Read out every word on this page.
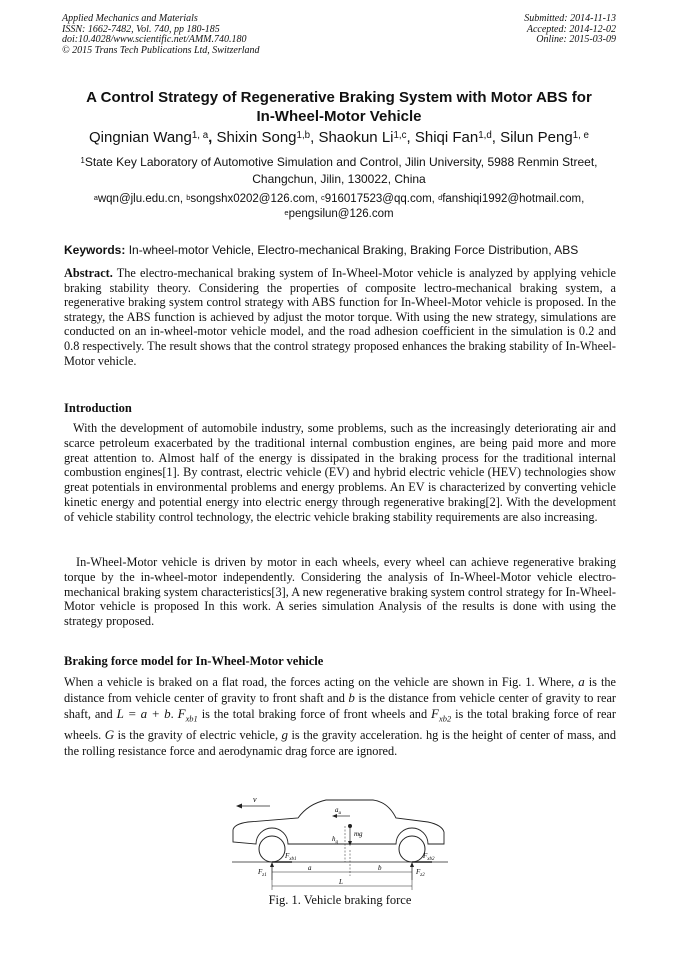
Applied Mechanics and Materials
ISSN: 1662-7482, Vol. 740, pp 180-185
doi:10.4028/www.scientific.net/AMM.740.180
© 2015 Trans Tech Publications Ltd, Switzerland
Submitted: 2014-11-13
Accepted: 2014-12-02
Online: 2015-03-09
A Control Strategy of Regenerative Braking System with Motor ABS for
In-Wheel-Motor Vehicle
Qingnian Wang$^{1, a}$, Shixin Song$^{1,b}$, Shaokun Li$^{1,c}$, Shiqi Fan$^{1,d}$, Silun Peng$^{1, e}$
$^1$State Key Laboratory of Automotive Simulation and Control, Jilin University, 5988 Renmin Street,
Changchun, Jilin, 130022, China
$^a$wqn@jlu.edu.cn, $^b$songshx0202@126.com, $^c$916017523@qq.com, $^d$fanshiqi1992@hotmail.com,
$^e$pengsilun@126.com
Keywords: In-wheel-motor Vehicle, Electro-mechanical Braking, Braking Force Distribution, ABS
Abstract. The electro-mechanical braking system of In-Wheel-Motor vehicle is analyzed by applying vehicle braking stability theory. Considering the properties of composite lectro-mechanical braking system, a regenerative braking system control strategy with ABS function for In-Wheel-Motor vehicle is proposed. In the strategy, the ABS function is achieved by adjust the motor torque. With using the new strategy, simulations are conducted on an in-wheel-motor vehicle model, and the road adhesion coefficient in the simulation is 0.2 and 0.8 respectively. The result shows that the control strategy proposed enhances the braking stability of In-Wheel-Motor vehicle.
Introduction
With the development of automobile industry, some problems, such as the increasingly deteriorating air and scarce petroleum exacerbated by the traditional internal combustion engines, are being paid more and more great attention to. Almost half of the energy is dissipated in the braking process for the traditional internal combustion engines[1]. By contrast, electric vehicle (EV) and hybrid electric vehicle (HEV) technologies show great potentials in environmental problems and energy problems. An EV is characterized by converting vehicle kinetic energy and potential energy into electric energy through regenerative braking[2]. With the development of vehicle stability control technology, the electric vehicle braking stability requirements are also increasing.
In-Wheel-Motor vehicle is driven by motor in each wheels, every wheel can achieve regenerative braking torque by the in-wheel-motor independently. Considering the analysis of In-Wheel-Motor vehicle electro-mechanical braking system characteristics[3], A new regenerative braking system control strategy for In-Wheel-Motor vehicle is proposed In this work. A series simulation Analysis of the results is done with using the strategy proposed.
Braking force model for In-Wheel-Motor vehicle
When a vehicle is braked on a flat road, the forces acting on the vehicle are shown in Fig. 1. Where, a is the distance from vehicle center of gravity to front shaft and b is the distance from vehicle center of gravity to rear shaft, and L = a + b. $F_{xb1}$ is the total braking force of front wheels and $F_{xb2}$ is the total braking force of rear wheels. G is the gravity of electric vehicle, g is the gravity acceleration. hg is the height of center of mass, and the rolling resistance force and aerodynamic drag force are ignored.
v
$a_u$
mg
$h_g$
$F_{xb1}$	$F_{xb2}$
$F_{z1}$	$F_{z2}$
a	b
L
Fig. 1. Vehicle braking force
